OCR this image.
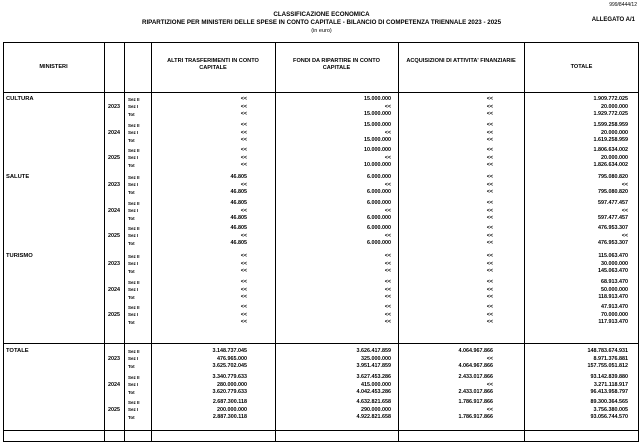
999/8444/12
CLASSIFICAZIONE ECONOMICA
RIPARTIZIONE PER MINISTERI DELLE SPESE IN CONTO CAPITALE - BILANCIO DI COMPETENZA TRIENNALE 2023 - 2025
(in euro)
ALLEGATO A/1
MINISTERI
ALTRI TRASFERIMENTI IN CONTO CAPITALE
FONDI DA RIPARTIRE IN CONTO CAPITALE
ACQUISIZIONI DI ATTIVITA' FINANZIARIE
TOTALE
CULTURA
2023
Sez II	<<	15.000.000	<<	1.909.772.025
Sez I	<<	<<	<<	20.000.000
Tot	<<	15.000.000	<<	1.929.772.025
2024
Sez II	<<	15.000.000	<<	1.599.258.959
Sez I	<<	<<	<<	20.000.000
Tot	<<	15.000.000	<<	1.619.258.959
2025
Sez II	<<	10.000.000	<<	1.806.634.002
Sez I	<<	<<	<<	20.000.000
Tot	<<	10.000.000	<<	1.826.634.002
SALUTE
2023
Sez II	46.805	6.000.000	<<	795.080.820
Sez I	<<	<<	<<	<<
Tot	46.805	6.000.000	<<	795.080.820
2024
Sez II	46.805	6.000.000	<<	597.477.457
Sez I	<<	<<	<<	<<
Tot	46.805	6.000.000	<<	597.477.457
2025
Sez II	46.805	6.000.000	<<	476.953.307
Sez I	<<	<<	<<	<<
Tot	46.805	6.000.000	<<	476.953.307
TURISMO
2023
Sez II	<<	<<	<<	115.063.470
Sez I	<<	<<	<<	30.000.000
Tot	<<	<<	<<	145.063.470
2024
Sez II	<<	<<	<<	68.913.470
Sez I	<<	<<	<<	50.000.000
Tot	<<	<<	<<	118.913.470
2025
Sez II	<<	<<	<<	47.913.470
Sez I	<<	<<	<<	70.000.000
Tot	<<	<<	<<	117.913.470
TOTALE
2023
Sez II	3.148.737.045	3.626.417.859	4.064.967.866	148.783.674.931
Sez I	476.965.000	325.000.000	<<	8.971.376.881
Tot	3.625.702.045	3.951.417.859	4.064.967.866	157.755.051.812
2024
Sez II	3.340.779.633	3.627.453.286	2.433.017.866	93.142.839.880
Sez I	280.000.000	415.000.000	<<	3.271.118.917
Tot	3.620.779.633	4.042.453.286	2.433.017.866	96.413.958.797
2025
Sez II	2.687.300.118	4.632.821.658	1.786.917.866	89.300.364.565
Sez I	200.000.000	290.000.000	<<	3.756.380.005
Tot	2.887.300.118	4.922.821.658	1.786.917.866	93.056.744.570
